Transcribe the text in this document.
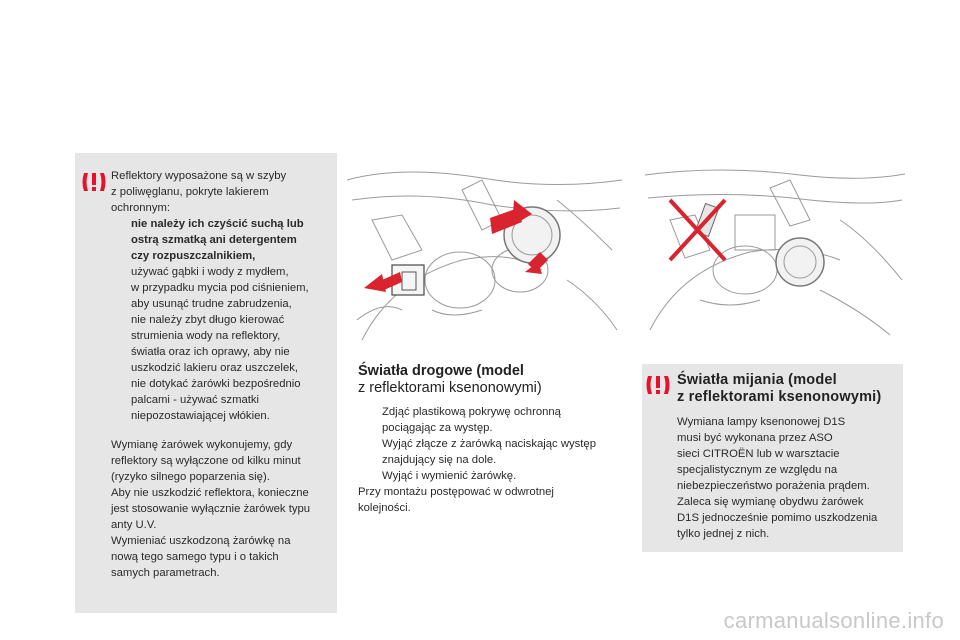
Reflektory wyposażone są w szyby

z poliwęglanu, pokryte lakierem

ochronnym:

nie należy ich czyścić suchą lub

ostrą szmatką ani detergentem

czy rozpuszczalnikiem,

używać gąbki i wody z mydłem,

w przypadku mycia pod ciśnieniem,

aby usunąć trudne zabrudzenia,

nie należy zbyt długo kierować

strumienia wody na reflektory,

światła oraz ich oprawy, aby nie

uszkodzić lakieru oraz uszczelek,

nie dotykać żarówki bezpośrednio

palcami - używać szmatki

niepozostawiającej włókien.

Wymianę żarówek wykonujemy, gdy

reflektory są wyłączone od kilku minut

(ryzyko silnego poparzenia się).

Aby nie uszkodzić reflektora, konieczne

jest stosowanie wyłącznie żarówek typu

anty U.V.

Wymieniać uszkodzoną żarówkę na

nową tego samego typu i o takich

samych parametrach.

Światła drogowe (model
z reflektorami ksenonowymi)

Zdjąć plastikową pokrywę ochronną

pociągając za występ.

Wyjąć złącze z żarówką naciskając występ

znajdujący się na dole.

Wyjąć i wymienić żarówkę.

Przy montażu postępować w odwrotnej

kolejności.

Światła mijania (model
z reflektorami ksenonowymi)

Wymiana lampy ksenonowej D1S

musi być wykonana przez ASO

sieci CITROËN lub w warsztacie

specjalistycznym ze względu na

niebezpieczeństwo porażenia prądem.

Zaleca się wymianę obydwu żarówek

D1S jednocześnie pomimo uszkodzenia

tylko jednej z nich.

carmanualsonline.info
